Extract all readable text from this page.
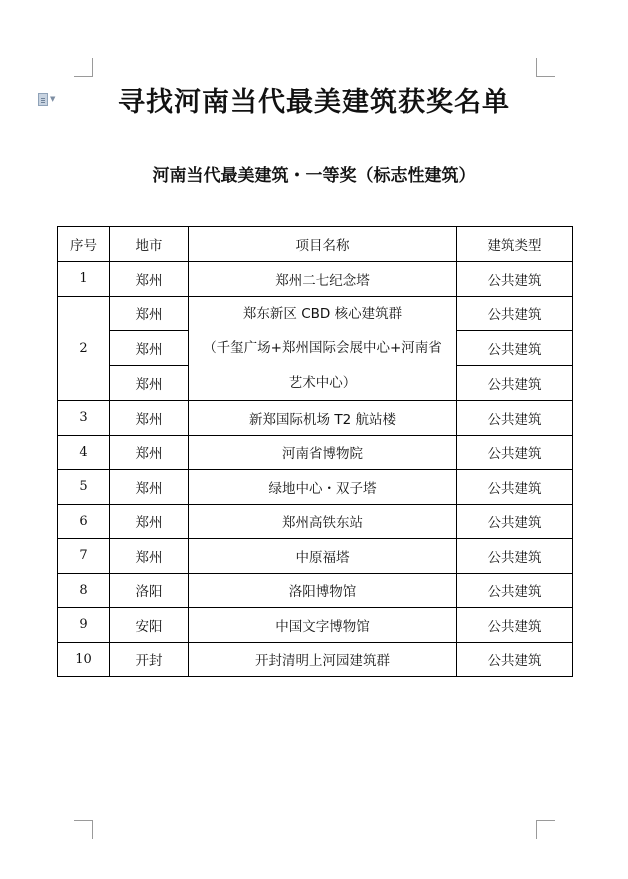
▼	寻找河南当代最美建筑获奖名单
河南当代最美建筑・一等奖（标志性建筑）
序号	地市	项目名称	建筑类型
1	郑州	郑州二七纪念塔	公共建筑
2	郑州	郑东新区 CBD 核心建筑群
（千玺广场+郑州国际会展中心+河南省
艺术中心）	公共建筑
	郑州		公共建筑
	郑州		公共建筑
3	郑州	新郑国际机场 T2 航站楼	公共建筑
4	郑州	河南省博物院	公共建筑
5	郑州	绿地中心・双子塔	公共建筑
6	郑州	郑州高铁东站	公共建筑
7	郑州	中原福塔	公共建筑
8	洛阳	洛阳博物馆	公共建筑
9	安阳	中国文字博物馆	公共建筑
10	开封	开封清明上河园建筑群	公共建筑
